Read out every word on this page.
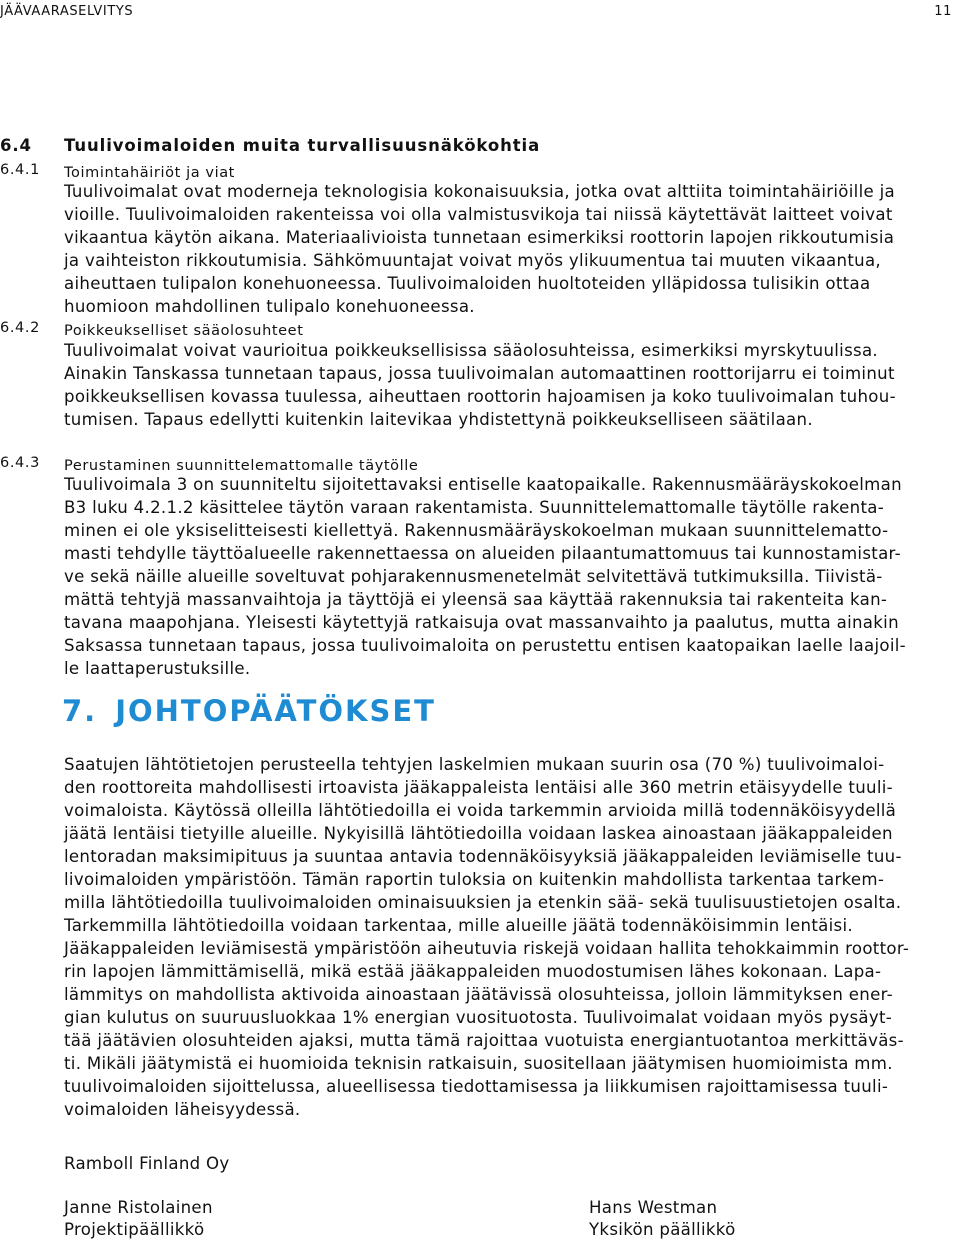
JÄÄVAARASELVITYS	11
6.4 Tuulivoimaloiden muita turvallisuusnäkökohtia
6.4.1 Toimintahäiriöt ja viat
Tuulivoimalat ovat moderneja teknologisia kokonaisuuksia, jotka ovat alttiita toimintahäiriöille ja
vioille. Tuulivoimaloiden rakenteissa voi olla valmistusvikoja tai niissä käytettävät laitteet voivat
vikaantua käytön aikana. Materiaalivioista tunnetaan esimerkiksi roottorin lapojen rikkoutumisia
ja vaihteiston rikkoutumisia. Sähkömuuntajat voivat myös ylikuumentua tai muuten vikaantua,
aiheuttaen tulipalon konehuoneessa. Tuulivoimaloiden huoltoteiden ylläpidossa tulisikin ottaa
huomioon mahdollinen tulipalo konehuoneessa.
6.4.2 Poikkeukselliset sääolosuhteet
Tuulivoimalat voivat vaurioitua poikkeuksellisissa sääolosuhteissa, esimerkiksi myrskytuulissa.
Ainakin Tanskassa tunnetaan tapaus, jossa tuulivoimalan automaattinen roottorijarru ei toiminut
poikkeuksellisen kovassa tuulessa, aiheuttaen roottorin hajoamisen ja koko tuulivoimalan tuhou-
tumisen. Tapaus edellytti kuitenkin laitevikaa yhdistettynä poikkeukselliseen säätilaan.
6.4.3 Perustaminen suunnittelemattomalle täytölle
Tuulivoimala 3 on suunniteltu sijoitettavaksi entiselle kaatopaikalle. Rakennusmääräyskokoelman
B3 luku 4.2.1.2 käsittelee täytön varaan rakentamista. Suunnittelemattomalle täytölle rakenta-
minen ei ole yksiselitteisesti kiellettyä. Rakennusmääräyskokoelman mukaan suunnittelematto-
masti tehdylle täyttöalueelle rakennettaessa on alueiden pilaantumattomuus tai kunnostamistar-
ve sekä näille alueille soveltuvat pohjarakennusmenetelmät selvitettävä tutkimuksilla. Tiivistä-
mättä tehtyjä massanvaihtoja ja täyttöjä ei yleensä saa käyttää rakennuksia tai rakenteita kan-
tavana maapohjana. Yleisesti käytettyjä ratkaisuja ovat massanvaihto ja paalutus, mutta ainakin
Saksassa tunnetaan tapaus, jossa tuulivoimaloita on perustettu entisen kaatopaikan laelle laajoil-
le laattaperustuksille.
7. JOHTOPÄÄTÖKSET
Saatujen lähtötietojen perusteella tehtyjen laskelmien mukaan suurin osa (70 %) tuulivoimaloi-
den roottoreita mahdollisesti irtoavista jääkappaleista lentäisi alle 360 metrin etäisyydelle tuuli-
voimaloista. Käytössä olleilla lähtötiedoilla ei voida tarkemmin arvioida millä todennäköisyydellä
jäätä lentäisi tietyille alueille. Nykyisillä lähtötiedoilla voidaan laskea ainoastaan jääkappaleiden
lentoradan maksimipituus ja suuntaa antavia todennäköisyyksiä jääkappaleiden leviämiselle tuu-
livoimaloiden ympäristöön. Tämän raportin tuloksia on kuitenkin mahdollista tarkentaa tarkem-
milla lähtötiedoilla tuulivoimaloiden ominaisuuksien ja etenkin sää- sekä tuulisuustietojen osalta.
Tarkemmilla lähtötiedoilla voidaan tarkentaa, mille alueille jäätä todennäköisimmin lentäisi.
Jääkappaleiden leviämisestä ympäristöön aiheutuvia riskejä voidaan hallita tehokkaimmin roottor-
rin lapojen lämmittämisellä, mikä estää jääkappaleiden muodostumisen lähes kokonaan. Lapa-
lämmitys on mahdollista aktivoida ainoastaan jäätävissä olosuhteissa, jolloin lämmityksen ener-
gian kulutus on suuruusluokkaa 1% energian vuosituotosta. Tuulivoimalat voidaan myös pysäyt-
tää jäätävien olosuhteiden ajaksi, mutta tämä rajoittaa vuotuista energiantuotantoa merkittäväs-
ti. Mikäli jäätymistä ei huomioida teknisin ratkaisuin, suositellaan jäätymisen huomioimista mm.
tuulivoimaloiden sijoittelussa, alueellisessa tiedottamisessa ja liikkumisen rajoittamisessa tuuli-
voimaloiden läheisyydessä.
Ramboll Finland Oy
Janne Ristolainen
Projektipäällikkö
Hans Westman
Yksikön päällikkö
